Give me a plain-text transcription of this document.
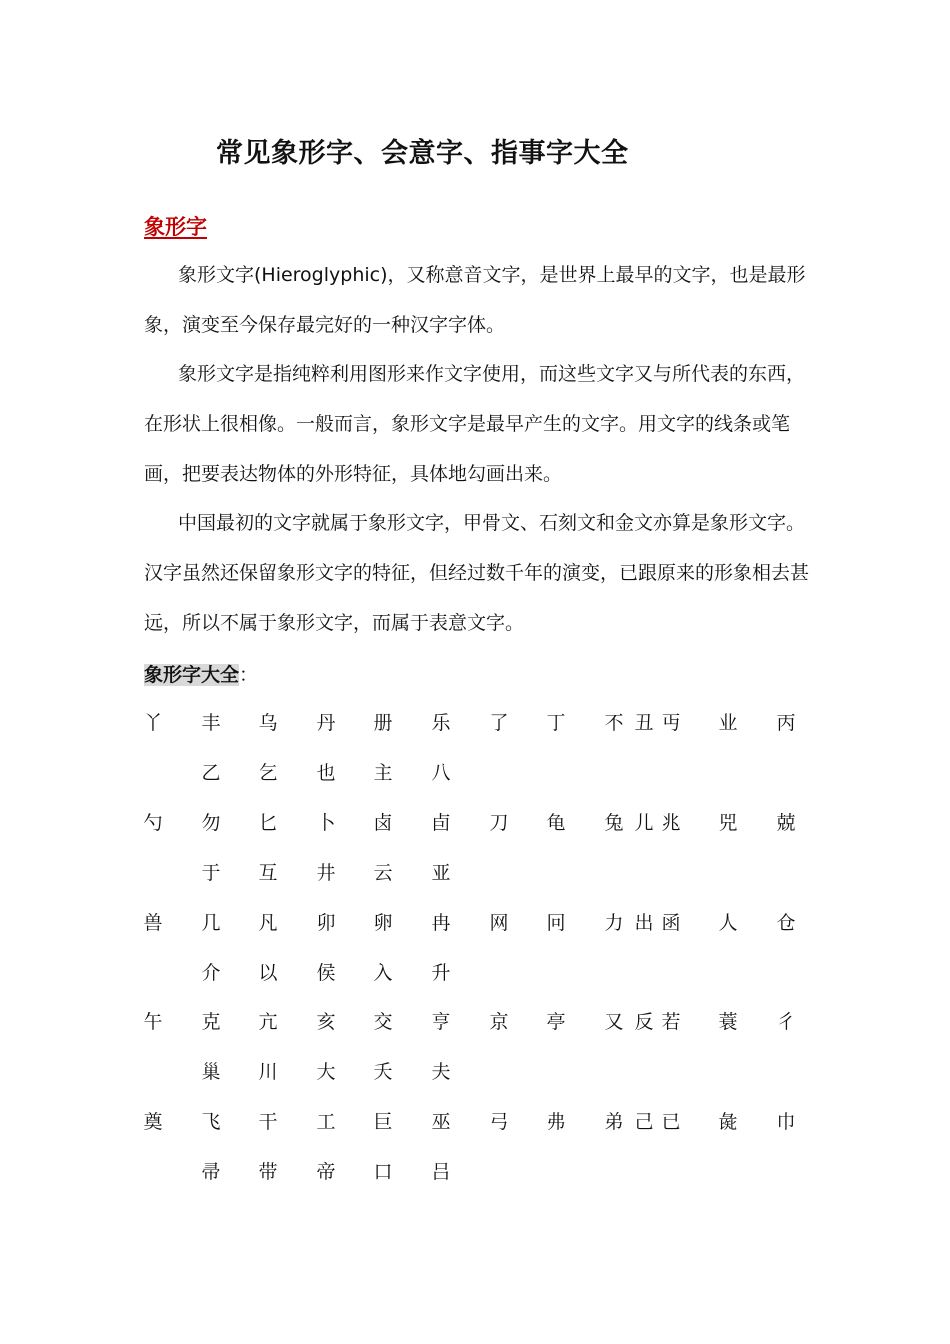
常见象形字、会意字、指事字大全
象形字

象形文字(Hieroglyphic)，又称意音文字，是世界上最早的文字，也是最形象，演变至今保存最完好的一种汉字字体。

象形文字是指纯粹利用图形来作文字使用，而这些文字又与所代表的东西，在形状上很相像。一般而言，象形文字是最早产生的文字。用文字的线条或笔画，把要表达物体的外形特征，具体地勾画出来。

中国最初的文字就属于象形文字，甲骨文、石刻文和金文亦算是象形文字。汉字虽然还保留象形文字的特征，但经过数千年的演变，已跟原来的形象相去甚远，所以不属于象形文字，而属于表意文字。

象形字大全：
丫 丰 乌 丹 册 乐 了 丁 不 丑 丏 业 丙
乙 乞 也 主 八
勺 勿 匕 卜 卤 卣 刀 龟 兔 儿 兆 兕 兢
于 互 井 云 亚
兽 几 凡 卯 卵 冉 网 冋 力 出 函 人 仓
介 以 侯 入 升
午 克 亢 亥 交 亨 京 亭 又 反 若 蓑 彳
巢 川 大 夭 夫
奠 飞 干 工 巨 巫 弓 弗 弟 己 已 彘 巾
帚 带 帝 口 吕
